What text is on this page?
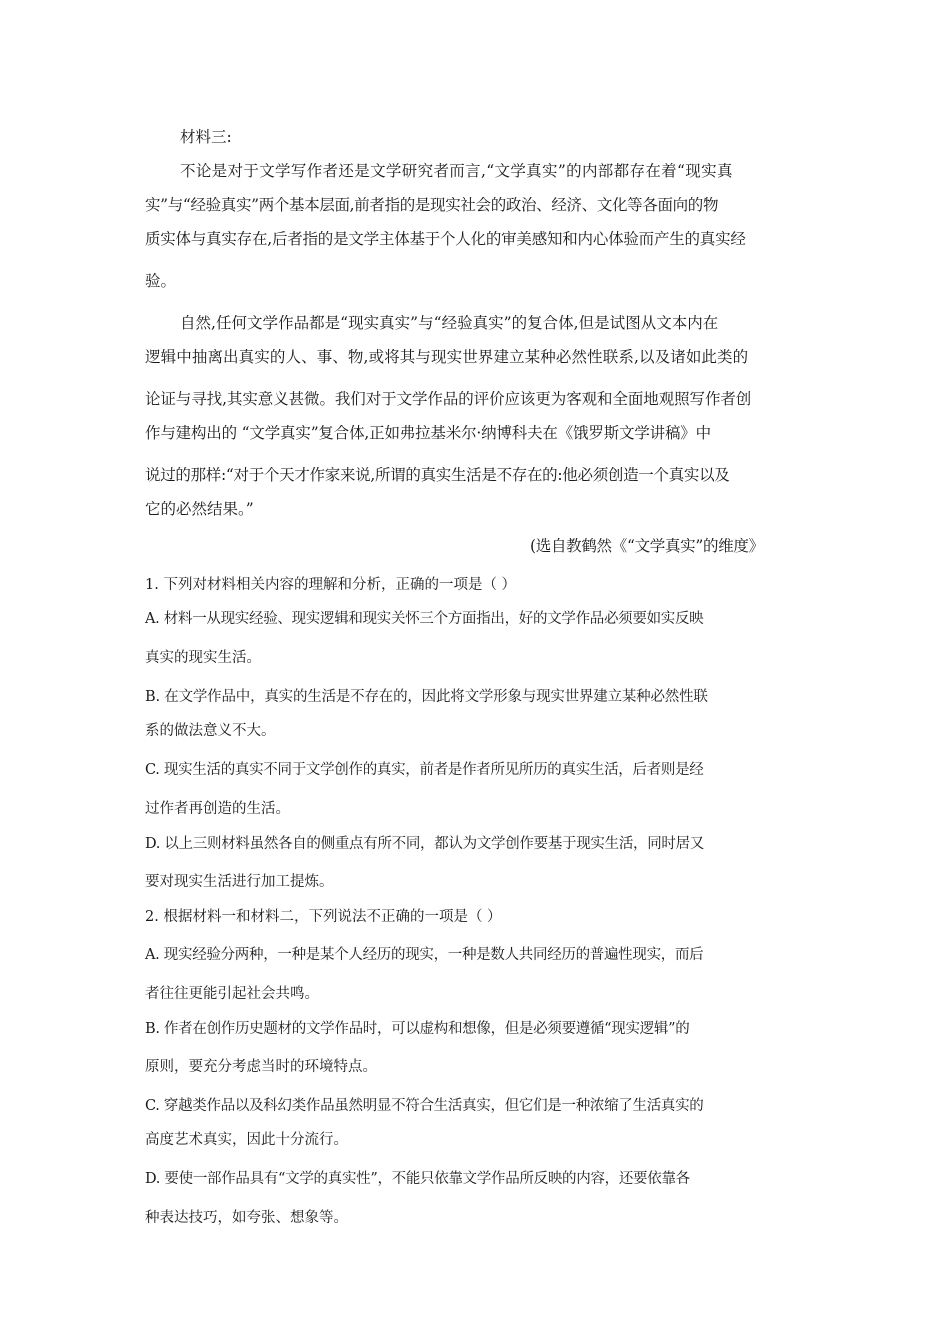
材料三:

不论是对于文学写作者还是文学研究者而言,“文学真实”的内部都存在着“现实真

实”与“经验真实”两个基本层面,前者指的是现实社会的政治、经济、文化等各面向的物

质实体与真实存在,后者指的是文学主体基于个人化的审美感知和内心体验而产生的真实经

验。

自然,任何文学作品都是“现实真实”与“经验真实”的复合体,但是试图从文本内在

逻辑中抽离出真实的人、事、物,或将其与现实世界建立某种必然性联系,以及诸如此类的

论证与寻找,其实意义甚微。我们对于文学作品的评价应该更为客观和全面地观照写作者创

作与建构出的 “文学真实”复合体,正如弗拉基米尔·纳博科夫在《饿罗斯文学讲稿》中

说过的那样:“对于个天才作家来说,所谓的真实生活是不存在的:他必须创造一个真实以及

它的必然结果。”

(选自教鹤然《“文学真实”的维度》

1. 下列对材料相关内容的理解和分析，正确的一项是（ ）

A. 材料一从现实经验、现实逻辑和现实关怀三个方面指出，好的文学作品必须要如实反映

真实的现实生活。

B. 在文学作品中，真实的生活是不存在的，因此将文学形象与现实世界建立某种必然性联

系的做法意义不大。

C. 现实生活的真实不同于文学创作的真实，前者是作者所见所历的真实生活，后者则是经

过作者再创造的生活。

D. 以上三则材料虽然各自的侧重点有所不同，都认为文学创作要基于现实生活，同时居又

要对现实生活进行加工提炼。

2. 根据材料一和材料二，下列说法不正确的一项是（ ）

A. 现实经验分两种，一种是某个人经历的现实，一种是数人共同经历的普遍性现实，而后

者往往更能引起社会共鸣。

B. 作者在创作历史题材的文学作品时，可以虚构和想像，但是必须要遵循“现实逻辑”的

原则，要充分考虑当时的环境特点。

C. 穿越类作品以及科幻类作品虽然明显不符合生活真实，但它们是一种浓缩了生活真实的

高度艺术真实，因此十分流行。

D. 要使一部作品具有“文学的真实性”，不能只依靠文学作品所反映的内容，还要依靠各

种表达技巧，如夸张、想象等。
